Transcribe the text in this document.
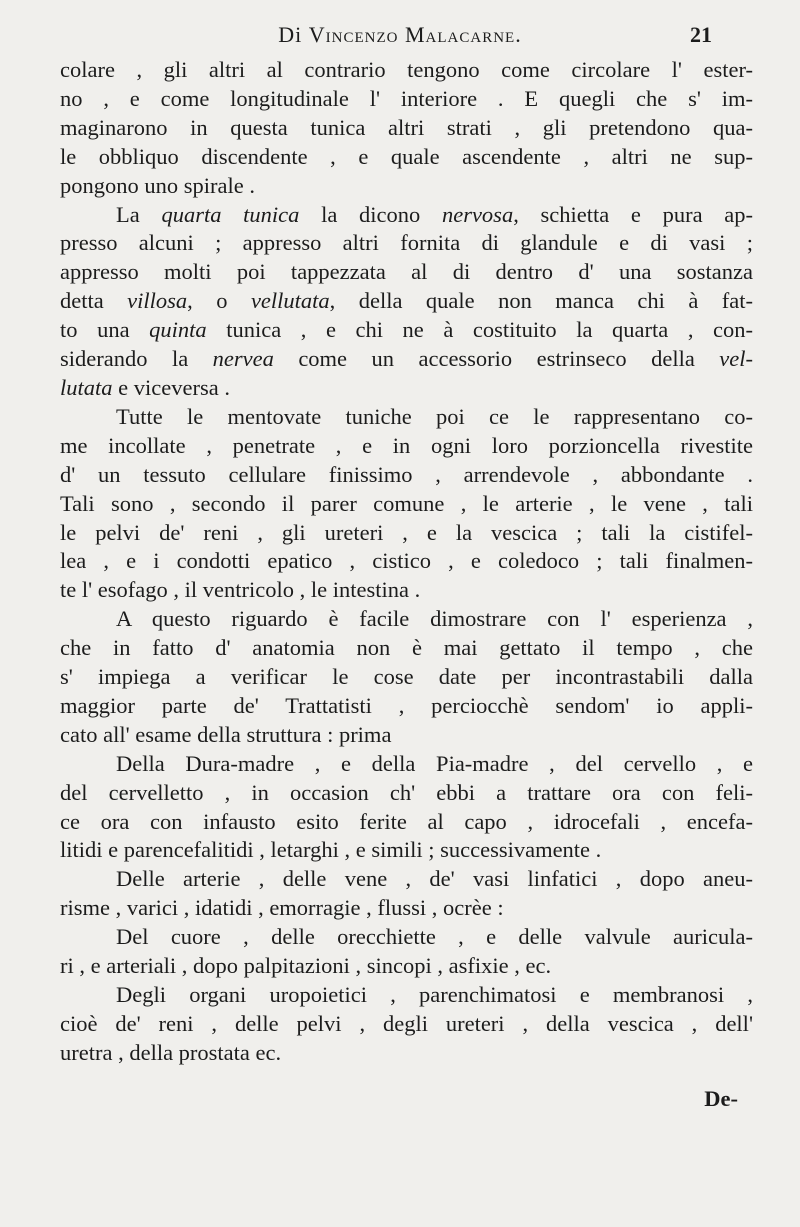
Di Vincenzo Malacarne.	21

colare , gli altri al contrario tengono come circolare l' ester-
no , e come longitudinale l' interiore . E quegli che s' im-
maginarono in questa tunica altri strati , gli pretendono qua-
le obbliquo discendente , e quale ascendente , altri ne sup-
pongono uno spirale .

La quarta tunica la dicono nervosa, schietta e pura ap-
presso alcuni ; appresso altri fornita di glandule e di vasi ;
appresso molti poi tappezzata al di dentro d' una sostanza
detta villosa, o vellutata, della quale non manca chi à fat-
to una quinta tunica , e chi ne à costituito la quarta , con-
siderando la nervea come un accessorio estrinseco della vel-
lutata e viceversa .

Tutte le mentovate tuniche poi ce le rappresentano co-
me incollate , penetrate , e in ogni loro porzioncella rivestite
d' un tessuto cellulare finissimo , arrendevole , abbondante .
Tali sono , secondo il parer comune , le arterie , le vene , tali
le pelvi de' reni , gli ureteri , e la vescica ; tali la cistifel-
lea , e i condotti epatico , cistico , e coledoco ; tali finalmen-
te l' esofago , il ventricolo , le intestina .

A questo riguardo è facile dimostrare con l' esperienza ,
che in fatto d' anatomia non è mai gettato il tempo , che
s' impiega a verificar le cose date per incontrastabili dalla
maggior parte de' Trattatisti , perciocchè sendom' io appli-
cato all' esame della struttura : prima

Della Dura-madre , e della Pia-madre , del cervello , e
del cervelletto , in occasion ch' ebbi a trattare ora con feli-
ce ora con infausto esito ferite al capo , idrocefali , encefa-
litidi e parencefalitidi , letarghi , e simili ; successivamente .

Delle arterie , delle vene , de' vasi linfatici , dopo aneu-
risme , varici , idatidi , emorragie , flussi , ocrèe :

Del cuore , delle orecchiette , e delle valvule auricula-
ri , e arteriali , dopo palpitazioni , sincopi , asfixie , ec.

Degli organi uropoietici , parenchimatosi e membranosi ,
cioè de' reni , delle pelvi , degli ureteri , della vescica , dell'
uretra , della prostata ec.

De-
